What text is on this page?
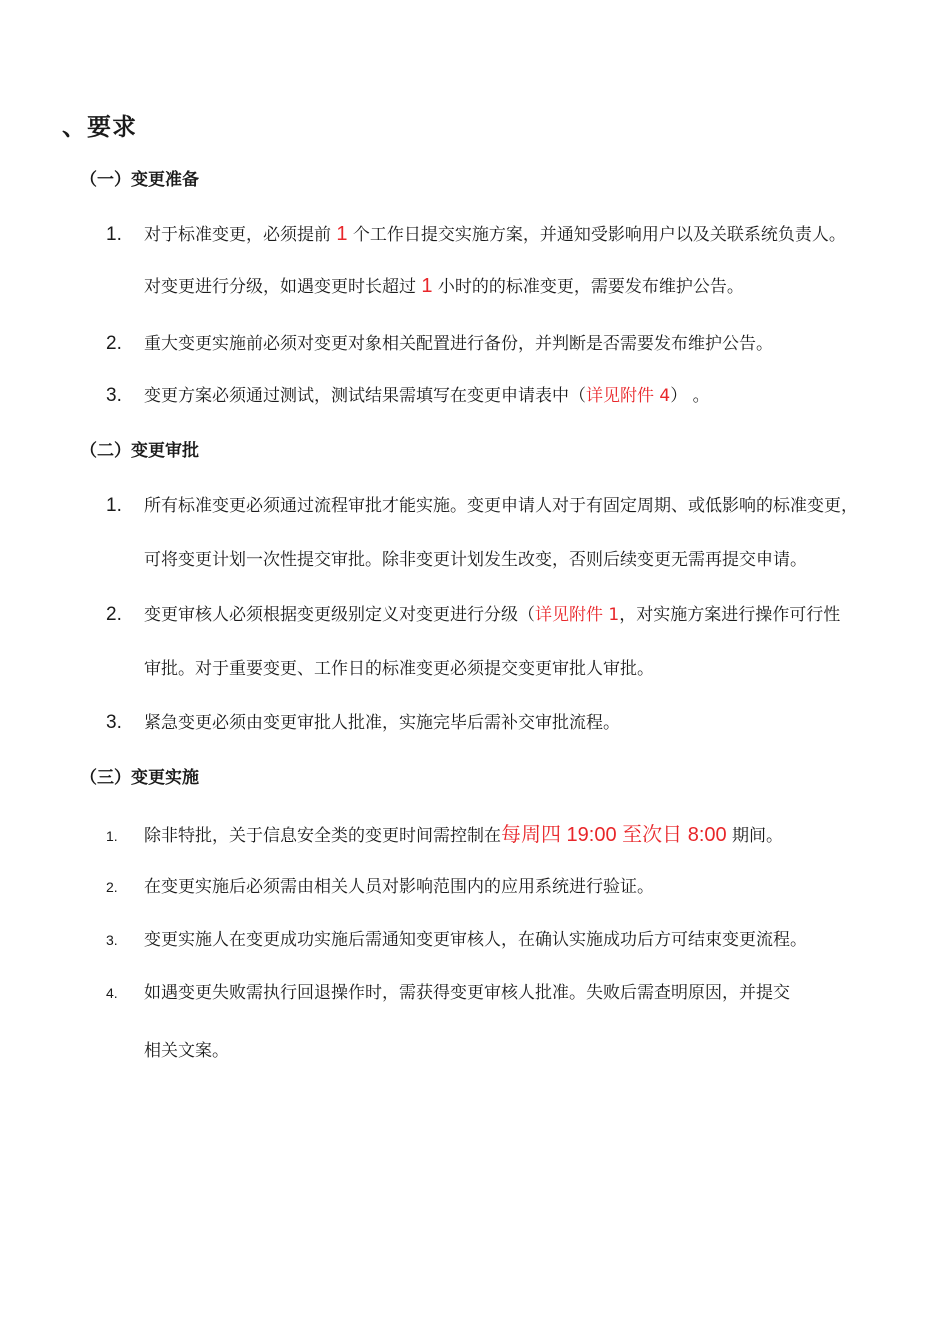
、要求
（一）变更准备
1. 对于标准变更，必须提前 1 个工作日提交实施方案，并通知受影响用户以及关联系统负责人。
对变更进行分级，如遇变更时长超过 1 小时的的标准变更，需要发布维护公告。
2. 重大变更实施前必须对变更对象相关配置进行备份，并判断是否需要发布维护公告。
3. 变更方案必须通过测试，测试结果需填写在变更申请表中（详见附件 4） 。
（二）变更审批
1. 所有标准变更必须通过流程审批才能实施。变更申请人对于有固定周期、或低影响的标准变更，
可将变更计划一次性提交审批。除非变更计划发生改变，否则后续变更无需再提交申请。
2. 变更审核人必须根据变更级别定义对变更进行分级（详见附件 1，对实施方案进行操作可行性
审批。对于重要变更、工作日的标准变更必须提交变更审批人审批。
3. 紧急变更必须由变更审批人批准，实施完毕后需补交审批流程。
（三）变更实施
1. 除非特批，关于信息安全类的变更时间需控制在每周四 19:00 至次日 8:00 期间。
2. 在变更实施后必须需由相关人员对影响范围内的应用系统进行验证。
3. 变更实施人在变更成功实施后需通知变更审核人，在确认实施成功后方可结束变更流程。
4. 如遇变更失败需执行回退操作时，需获得变更审核人批准。失败后需查明原因，并提交
相关文案。
